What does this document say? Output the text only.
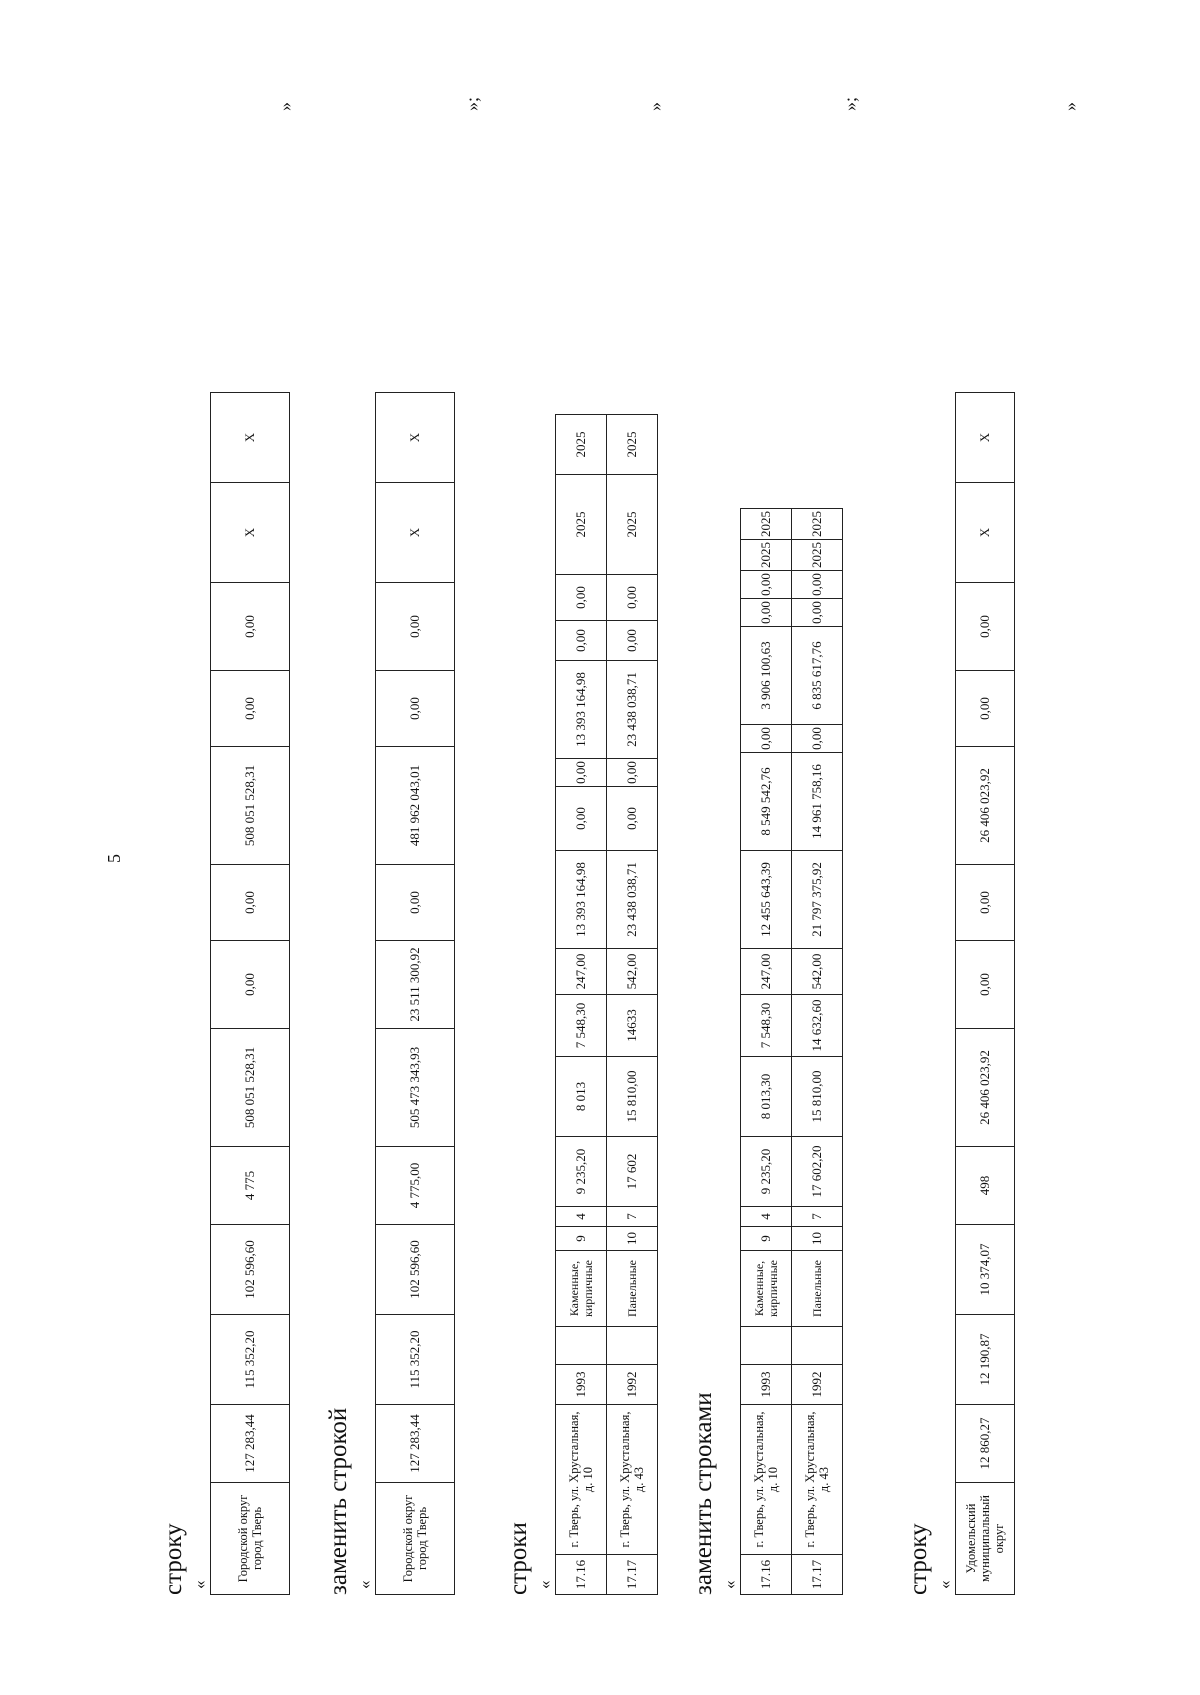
5
строку «
Городской округ город Тверь	127 283,44	115 352,20	102 596,60	4 775	508 051 528,31	0,00	0,00	508 051 528,31	0,00	0,00	X	X
»
заменить строкой «
Городской округ город Тверь	127 283,44	115 352,20	102 596,60	4 775,00	505 473 343,93	23 511 300,92	0,00	481 962 043,01	0,00	0,00	X	X
»;
строки « 17.16	г. Тверь, ул. Хрустальная, д. 10	1993		Каменные, кирпичные	9	4	9 235,20	8 013	7 548,30	247,00	13 393 164,98	0,00	0,00	13 393 164,98	0,00	0,00	2025	2025
17.17	г. Тверь, ул. Хрустальная, д. 43	1992		Панельные	10	7	17 602	15 810,00	14633	542,00	23 438 038,71	0,00	0,00	23 438 038,71	0,00	0,00	2025	2025
»
заменить строками « 17.16	г. Тверь, ул. Хрустальная, д. 10	1993		Каменные, кирпичные	9	4	9 235,20	8 013,30	7 548,30	247,00	12 455 643,39	8 549 542,76	0,00	3 906 100,63	0,00	0,00	2025	2025
17.17	г. Тверь, ул. Хрустальная, д. 43	1992		Панельные	10	7	17 602,20	15 810,00	14 632,60	542,00	21 797 375,92	14 961 758,16	0,00	6 835 617,76	0,00	0,00	2025	2025
»;
строку «
Удомельский муниципальный округ	12 860,27	12 190,87	10 374,07	498	26 406 023,92	0,00	0,00	26 406 023,92	0,00	0,00	X	X
»
